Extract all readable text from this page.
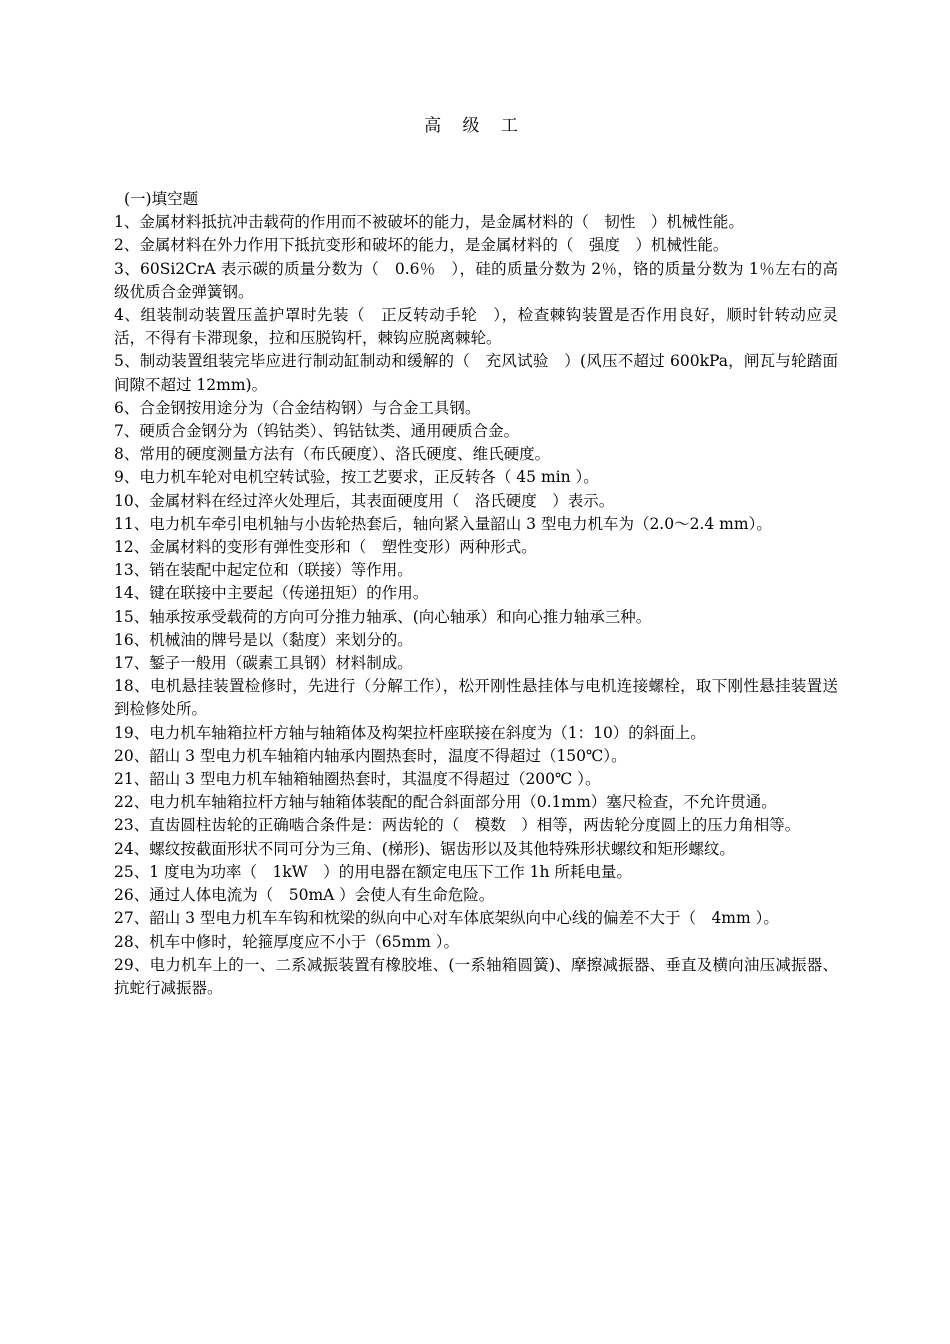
高 级 工

(一)填空题

1、金属材料抵抗冲击载荷的作用而不被破坏的能力，是金属材料的（　韧性　）机械性能。

2、金属材料在外力作用下抵抗变形和破坏的能力，是金属材料的（　强度　）机械性能。

3、60Si2CrA 表示碳的质量分数为（　0.6％　），硅的质量分数为 2％，铬的质量分数为 1％左右的高级优质合金弹簧钢。

4、组装制动装置压盖护罩时先装（　正反转动手轮　），检查棘钩装置是否作用良好，顺时针转动应灵活，不得有卡滞现象，拉和压脱钩杆，棘钩应脱离棘轮。

5、制动装置组装完毕应进行制动缸制动和缓解的（　充风试验　）(风压不超过 600kPa，闸瓦与轮踏面间隙不超过 12mm)。

6、合金钢按用途分为（合金结构钢）与合金工具钢。

7、硬质合金钢分为（钨钴类）、钨钴钛类、通用硬质合金。

8、常用的硬度测量方法有（布氏硬度）、洛氏硬度、维氏硬度。

9、电力机车轮对电机空转试验，按工艺要求，正反转各（ 45 min ）。

10、金属材料在经过淬火处理后，其表面硬度用（　洛氏硬度　）表示。

11、电力机车牵引电机轴与小齿轮热套后，轴向紧入量韶山 3 型电力机车为（2.0～2.4 mm）。

12、金属材料的变形有弹性变形和（　塑性变形）两种形式。

13、销在装配中起定位和（联接）等作用。

14、键在联接中主要起（传递扭矩）的作用。

15、轴承按承受载荷的方向可分推力轴承、(向心轴承）和向心推力轴承三种。

16、机械油的牌号是以（黏度）来划分的。

17、錾子一般用（碳素工具钢）材料制成。

18、电机悬挂装置检修时，先进行（分解工作），松开刚性悬挂体与电机连接螺栓，取下刚性悬挂装置送到检修处所。

19、电力机车轴箱拉杆方轴与轴箱体及构架拉杆座联接在斜度为（1：10）的斜面上。

20、韶山 3 型电力机车轴箱内轴承内圈热套时，温度不得超过（150℃）。

21、韶山 3 型电力机车轴箱轴圈热套时，其温度不得超过（200℃ ）。

22、电力机车轴箱拉杆方轴与轴箱体装配的配合斜面部分用（0.1mm）塞尺检查，不允许贯通。

23、直齿圆柱齿轮的正确啮合条件是：两齿轮的（　模数　）相等，两齿轮分度圆上的压力角相等。

24、螺纹按截面形状不同可分为三角、(梯形)、锯齿形以及其他特殊形状螺纹和矩形螺纹。

25、1 度电为功率（　1kW　）的用电器在额定电压下工作 1h 所耗电量。

26、通过人体电流为（　50mA ）会使人有生命危险。

27、韶山 3 型电力机车车钩和枕梁的纵向中心对车体底架纵向中心线的偏差不大于（　4mm ）。

28、机车中修时，轮箍厚度应不小于（65mm ）。

29、电力机车上的一、二系减振装置有橡胶堆、(一系轴箱圆簧)、摩擦减振器、垂直及横向油压减振器、抗蛇行减振器。
